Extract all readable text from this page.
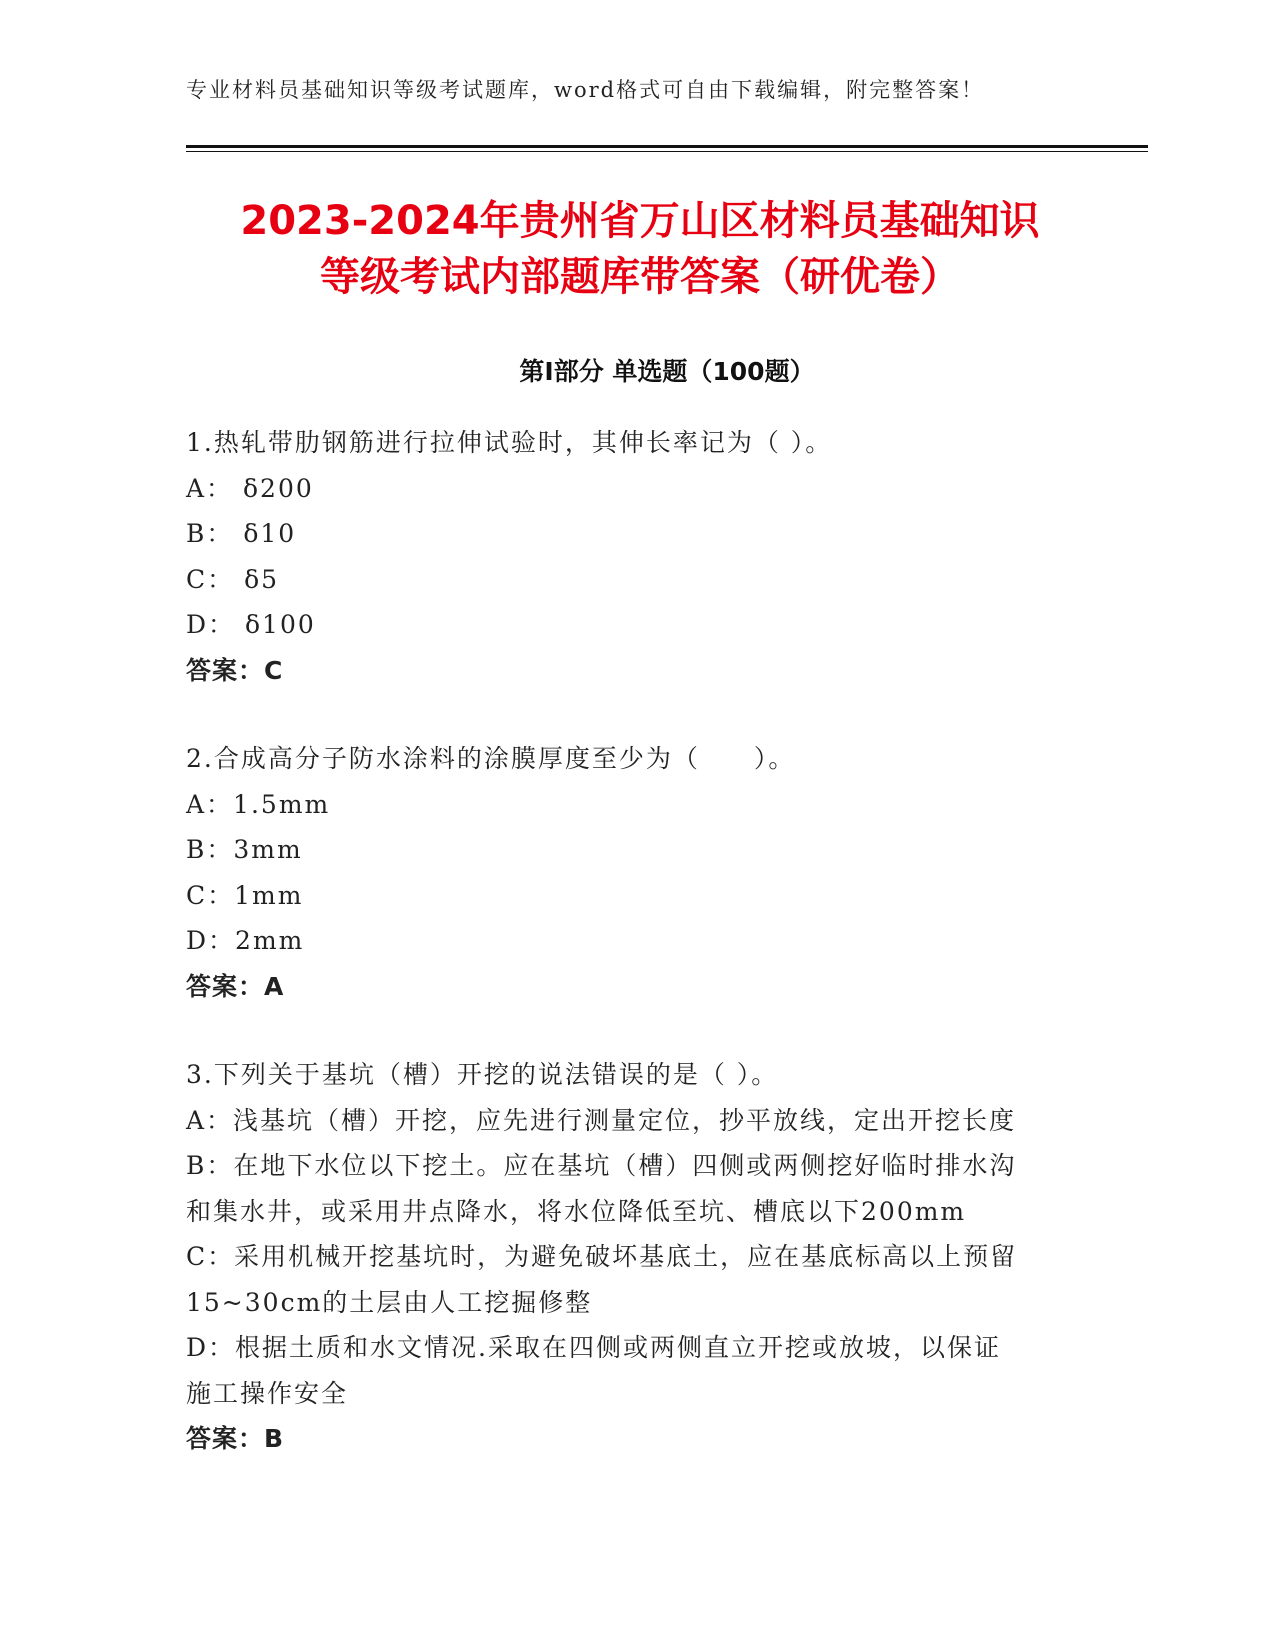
专业材料员基础知识等级考试题库，word格式可自由下载编辑，附完整答案！
2023-2024年贵州省万山区材料员基础知识
等级考试内部题库带答案（研优卷）
第Ⅰ部分 单选题（100题）
1.热轧带肋钢筋进行拉伸试验时，其伸长率记为（ ）。
A： δ200
B： δ10
C： δ5
D： δ100
答案：C
2.合成高分子防水涂料的涂膜厚度至少为（　　）。
A：1.5mm
B：3mm
C：1mm
D：2mm
答案：A
3.下列关于基坑（槽）开挖的说法错误的是（ ）。
A：浅基坑（槽）开挖，应先进行测量定位，抄平放线，定出开挖长度
B：在地下水位以下挖土。应在基坑（槽）四侧或两侧挖好临时排水沟
和集水井，或采用井点降水，将水位降低至坑、槽底以下200mm
C：采用机械开挖基坑时，为避免破坏基底土，应在基底标高以上预留
15~30cm的土层由人工挖掘修整
D：根据土质和水文情况.采取在四侧或两侧直立开挖或放坡，以保证
施工操作安全
答案：B
